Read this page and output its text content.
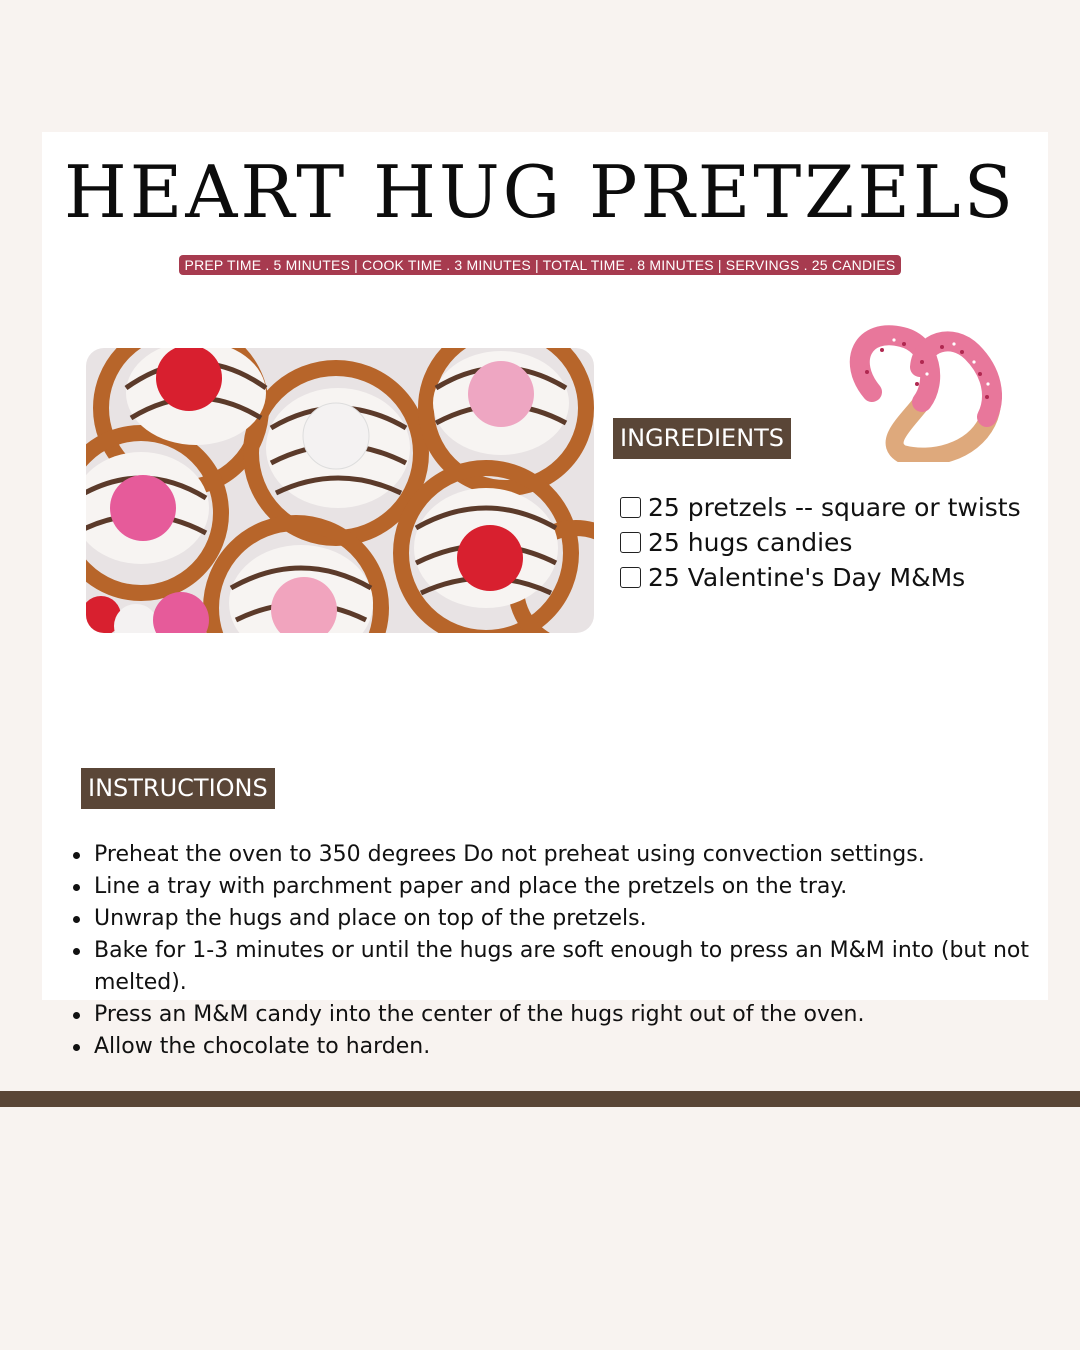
HEART HUG PRETZELS
PREP TIME . 5 MINUTES | COOK TIME . 3 MINUTES | TOTAL TIME . 8 MINUTES | SERVINGS . 25 CANDIES
INGREDIENTS
25 pretzels -- square or twists
25 hugs candies
25 Valentine's Day M&Ms
INSTRUCTIONS
Preheat the oven to 350 degrees Do not preheat using convection settings.
Line a tray with parchment paper and place the pretzels on the tray.
Unwrap the hugs and place on top of the pretzels.
Bake for 1-3 minutes or until the hugs are soft enough to press an M&M into (but not melted).
Press an M&M candy into the center of the hugs right out of the oven.
Allow the chocolate to harden.
